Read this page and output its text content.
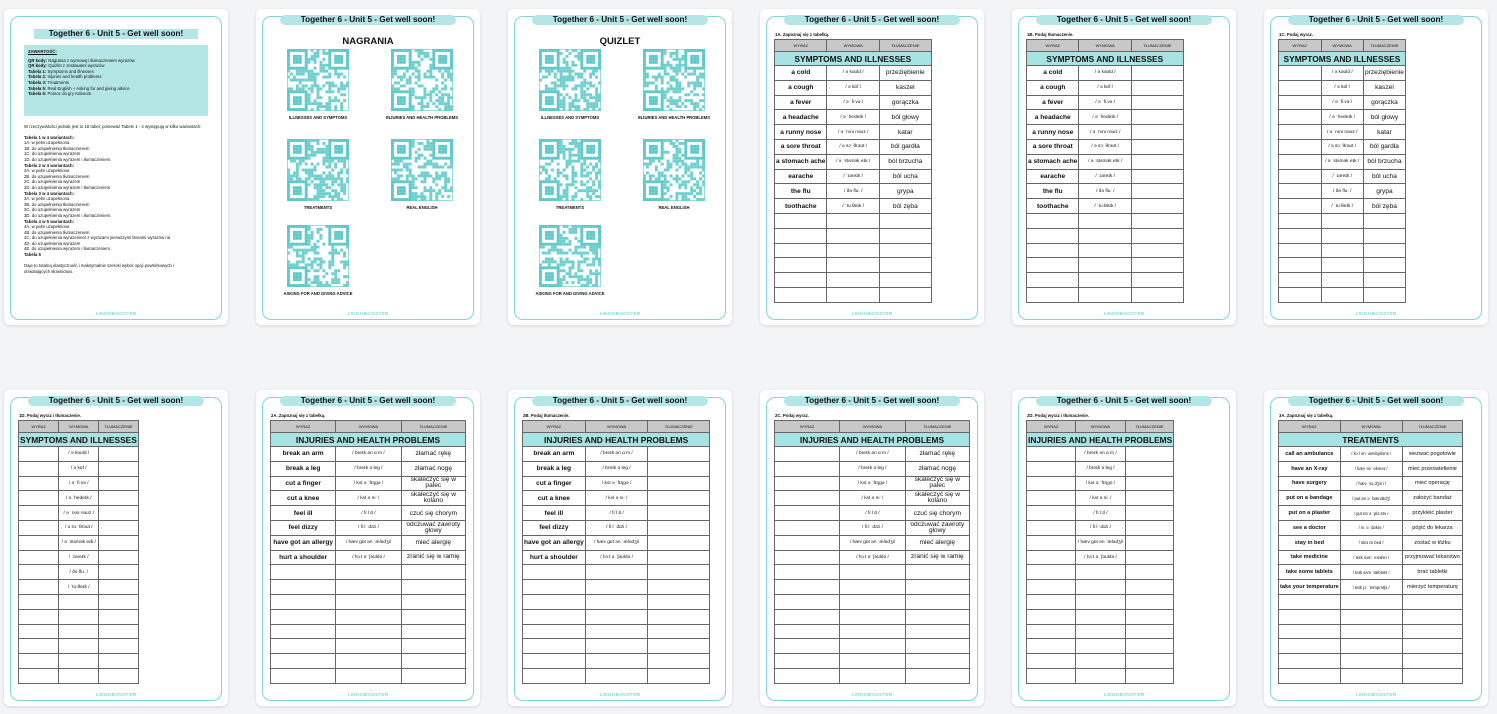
LINGOBOOSTER
Together 6 - Unit 5 - Get well soon!
ZAWARTOŚĆ:
QR kody: Nagrania z wymową i tłumaczeniem wyrazów
QR kody: Quizlet z zestawami wyrazów
Tabela 1: Symptoms and illnesses
Tabela 2: Injuries and health problems
Tabela 3: Treatments
Tabela 5: Real English + Asking for and giving advice
Tabela 6: Pomoc do gry Kaboom
W rzeczywistości jednak jest to 18 tabel, ponieważ Tabele 1 - 4 występują w kilku wariantach:
Tabela 1 w 4 wariantach:
1A. w pełni uzupełniona
1B. do uzupełnienia tłumaczeniem
1C. do uzupełnienia wyrazem
1D. do uzupełnienia wyrazem i tłumaczeniem
Tabela 2 w 4 wariantach:
2A. w pełni uzupełniona
2B. do uzupełnienia tłumaczeniem
2C. do uzupełnienia wyrazem
2D. do uzupełnienia wyrazem i tłumaczeniem
Tabela 3 w 4 wariantach:
3A. w pełni uzupełniona
3B. do uzupełnienia tłumaczeniem
3C. do uzupełnienia wyrazem
3D. do uzupełnienia wyrazem i tłumaczeniem
Tabela 4 w 5 wariantach:
4A. w pełni uzupełniona
4B. do uzupełnienia tłumaczeniem
4C. do uzupełnienia wyrazeniem z wyrazami pierwszymi literami wyrazów na
4D. do uzupełnienia wyrazem
4E. do uzupełnienia wyrazem i tłumaczeniem
Tabela 5

Daje to totalną elastyczność i maksymalnie szeroki wybór opcji powtórkowych /
utrwalających słownictwo.
Together 6 - Unit 5 - Get well soon!
LINGOBOOSTER
NAGRANIA
ILLNESSES AND SYMPTOMS	INJURIES AND HEALTH PROBLEMS
TREATMENTS	REAL ENGLISH
ASKING FOR AND GIVING ADVICE
Together 6 - Unit 5 - Get well soon!
LINGOBOOSTER
QUIZLET
ILLNESSES AND SYMPTOMS	INJURIES AND HEALTH PROBLEMS
TREATMENTS	REAL ENGLISH
ASKING FOR AND GIVING ADVICE
Together 6 - Unit 5 - Get well soon!
LINGOBOOSTER
1A. Zapoznaj się z tabelką.
WYRAZ	WYMOWA	TŁUMACZENIE
SYMPTOMS AND ILLNESSES		
a cold	/ ə kəʊld /	przeziębienie
a cough	/ ə kɒf /	kaszel
a fever	/ ə ˈfiːvə /	gorączka
a headache	/ ə ˈhedeɪk /	ból głowy
a runny nose	/ ə ˈrʌni nəʊz /	katar
a sore throat	/ ə sɔː θrəʊt /	ból gardła
a stomach ache	/ ə ˈstʌmək eɪk /	ból brzucha
earache	/ ˈɪəreɪk /	ból ucha
the flu	/ ðə fluː /	grypa
toothache	/ ˈtuːθeɪk /	ból zęba

Together 6 - Unit 5 - Get well soon!
LINGOBOOSTER
1B. Podaj tłumaczenie.
WYRAZ	WYMOWA	TŁUMACZENIE
SYMPTOMS AND ILLNESSES		
a cold	/ ə kəʊld /	
a cough	/ ə kɒf /	
a fever	/ ə ˈfiːvə /	
a headache	/ ə ˈhedeɪk /	
a runny nose	/ ə ˈrʌni nəʊz /	
a sore throat	/ ə sɔː θrəʊt /	
a stomach ache	/ ə ˈstʌmək eɪk /	
earache	/ ˈɪəreɪk /	
the flu	/ ðə fluː /	
toothache	/ ˈtuːθeɪk /	

Together 6 - Unit 5 - Get well soon!
LINGOBOOSTER
1C. Podaj wyraz.
WYRAZ	WYMOWA	TŁUMACZENIE
SYMPTOMS AND ILLNESSES		
	/ ə kəʊld /	przeziębienie
	/ ə kɒf /	kaszel
	/ ə ˈfiːvə /	gorączka
	/ ə ˈhedeɪk /	ból głowy
	/ ə ˈrʌni nəʊz /	katar
	/ ə sɔː θrəʊt /	ból gardła
	/ ə ˈstʌmək eɪk /	ból brzucha
	/ ˈɪəreɪk /	ból ucha
	/ ðə fluː /	grypa
	/ ˈtuːθeɪk /	ból zęba

Together 6 - Unit 5 - Get well soon!
LINGOBOOSTER
1D. Podaj wyraz i tłumaczenie.
WYRAZ	WYMOWA	TŁUMACZENIE
SYMPTOMS AND ILLNESSES		
	/ ə kəʊld /	
	/ ə kɒf /	
	/ ə ˈfiːvə /	
	/ ə ˈhedeɪk /	
	/ ə ˈrʌni nəʊz /	
	/ ə sɔː θrəʊt /	
	/ ə ˈstʌmək eɪk /	
	/ ˈɪəreɪk /	
	/ ðə fluː /	
	/ ˈtuːθeɪk /	

Together 6 - Unit 5 - Get well soon!
LINGOBOOSTER
2A. Zapoznaj się z tabelką.
WYRAZ	WYMOWA	TŁUMACZENIE
INJURIES AND HEALTH PROBLEMS		
break an arm	/ breɪk ən ɑːm /	złamać rękę
break a leg	/ breɪk ə leg /	złamać nogę
cut a finger	/ kʌt ə ˈfɪŋgə /	skaleczyć się w palec
cut a knee	/ kʌt ə niː /	skaleczyć się w kolano
feel ill	/ fiːl ɪl /	czuć się chorym
feel dizzy	/ fiːl ˈdɪzi /	odczuwać zawroty głowy
have got an allergy	/ hæv gɒt ən ˈælədʒi/	mieć alergię
hurt a shoulder	/ hɜːt ə ˈʃəʊldə /	zranić się w ramię

Together 6 - Unit 5 - Get well soon!
LINGOBOOSTER
2B. Podaj tłumaczenie.
WYRAZ	WYMOWA	TŁUMACZENIE
INJURIES AND HEALTH PROBLEMS		
break an arm	/ breɪk ən ɑːm /	
break a leg	/ breɪk ə leg /	
cut a finger	/ kʌt ə ˈfɪŋgə /	
cut a knee	/ kʌt ə niː /	
feel ill	/ fiːl ɪl /	
feel dizzy	/ fiːl ˈdɪzi /	
have got an allergy	/ hæv gɒt ən ˈælədʒi/	
hurt a shoulder	/ hɜːt ə ˈʃəʊldə /	

Together 6 - Unit 5 - Get well soon!
LINGOBOOSTER
2C. Podaj wyraz.
WYRAZ	WYMOWA	TŁUMACZENIE
INJURIES AND HEALTH PROBLEMS		
	/ breɪk ən ɑːm /	złamać rękę
	/ breɪk ə leg /	złamać nogę
	/ kʌt ə ˈfɪŋgə /	skaleczyć się w palec
	/ kʌt ə niː /	skaleczyć się w kolano
	/ fiːl ɪl /	czuć się chorym
	/ fiːl ˈdɪzi /	odczuwać zawroty głowy
	/ hæv gɒt ən ˈælədʒi/	mieć alergię
	/ hɜːt ə ˈʃəʊldə /	zranić się w ramię

Together 6 - Unit 5 - Get well soon!
LINGOBOOSTER
2D. Podaj wyraz i tłumaczenie.
WYRAZ	WYMOWA	TŁUMACZENIE
INJURIES AND HEALTH PROBLEMS		
	/ breɪk ən ɑːm /	
	/ breɪk ə leg /	
	/ kʌt ə ˈfɪŋgə /	
	/ kʌt ə niː /	
	/ fiːl ɪl /	
	/ fiːl ˈdɪzi /	
	/ hæv gɒt ən ˈælədʒi/	
	/ hɜːt ə ˈʃəʊldə /	

Together 6 - Unit 5 - Get well soon!
LINGOBOOSTER
3A. Zapoznaj się z tabelką.
WYRAZ	WYMOWA	TŁUMACZENIE
TREATMENTS		
call an ambulance	/ kɔːl ən ˈæmbjələns /	wezwać pogotowie
have an X-ray	/ hæv ən ˈeksreɪ /	mieć prześwietlenie
have surgery	/ hæv ˈsɜːdʒəri /	mieć operację
put on a bandage	/ pʊt ɒn ə ˈbændɪdʒ/	założyć bandaż
put on a plaster	/ pʊt ɒn ə ˈplɑːstə /	przykleić plaster
see a doctor	/ siː ə ˈdɒktə /	pójść do lekarza
stay in bed	/ steɪ ɪn bed /	zostać w łóżku
take medicine	/ teɪk sʌm ˈmedsn /	przyjmować lekarstwo
take some tablets	/ teɪk sʌm ˈtæbləts /	brać tabletki
take your temperature	/ teɪk jɔː ˈtemprətʃə /	mierzyć temperaturę
